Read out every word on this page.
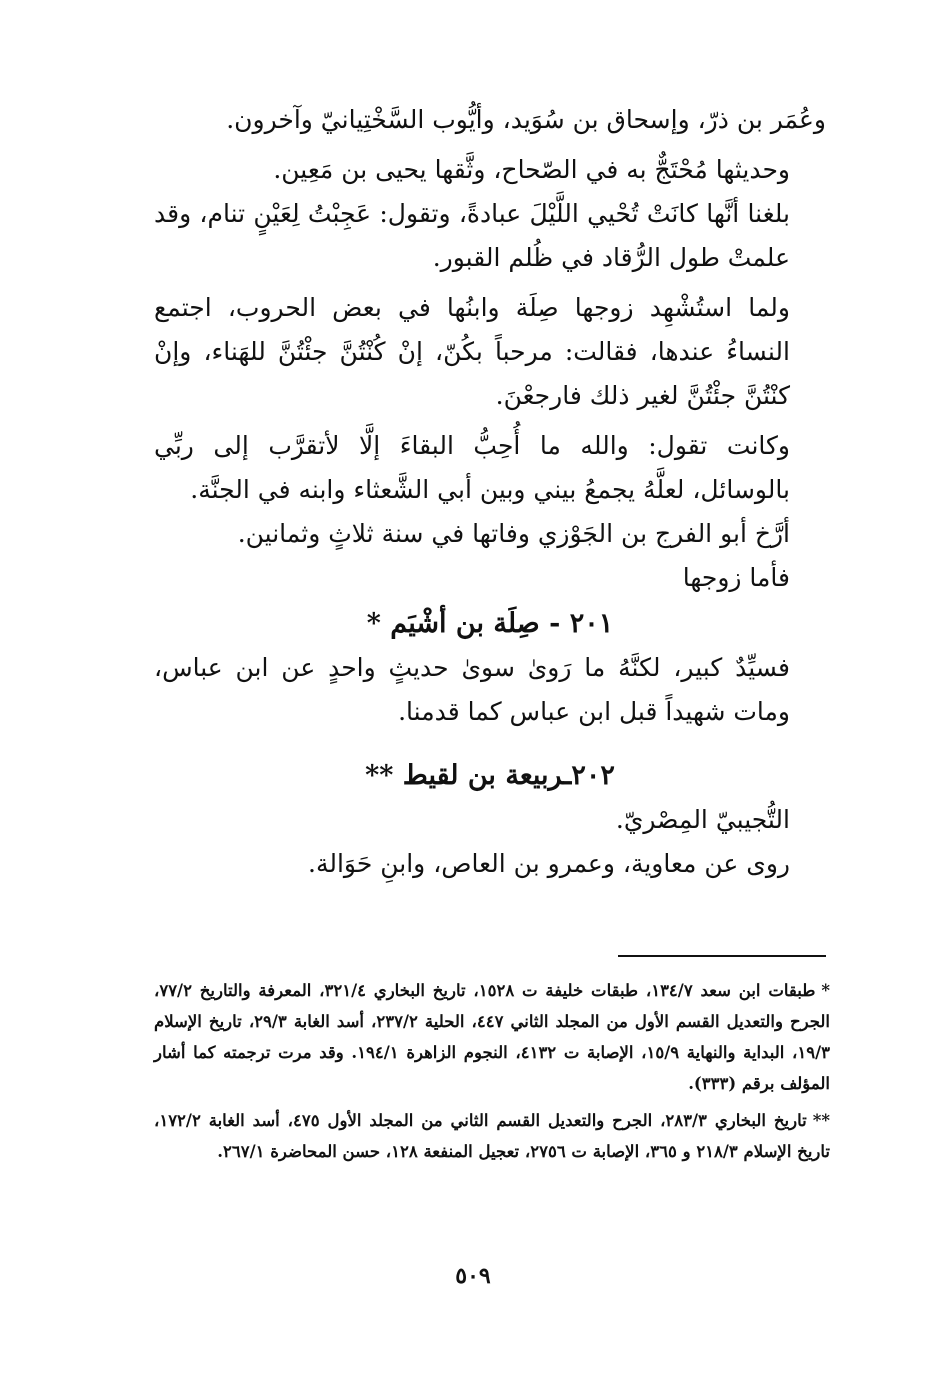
وعُمَر بن ذرّ، وإسحاق بن سُوَيد، وأيُّوب السَّخْتِيانيّ وآخرون.

وحديثها مُحْتَجٌّ به في الصّحاح، وثَّقها يحيى بن مَعِين.

بلغنا أنَّها كانَتْ تُحْيي اللَّيْلَ عبادةً، وتقول: عَجِبْتُ لِعَيْنٍ تنام، وقد علمتْ طول الرُّقاد في ظُلم القبور.

ولما استُشْهِد زوجها صِلَة وابنُها في بعض الحروب، اجتمع النساءُ عندها، فقالت: مرحباً بكُنّ، إنْ كُنْتُنَّ جئْتُنَّ للهَناء، وإنْ كنْتُنَّ جئْتُنَّ لغير ذلك فارجعْنَ.

وكانت تقول: والله ما أُحِبُّ البقاءَ إلَّا لأتقرَّب إلى ربِّي بالوسائل، لعلَّهُ يجمعُ بيني وبين أبي الشَّعثاء وابنه في الجنَّة.

أرَّخ أبو الفرج بن الجَوْزي وفاتها في سنة ثلاثٍ وثمانين.

فأما زوجها

٢٠١ - صِلَة بن أشْيَم *

فسيِّدٌ كبير، لكنَّهُ ما رَوىٰ سوىٰ حديثٍ واحدٍ عن ابن عباس، ومات شهيداً قبل ابن عباس كما قدمنا.

٢٠٢ـربيعة بن لقيط **

التُّجيبيّ المِصْريّ.

روى عن معاوية، وعمرو بن العاص، وابنِ حَوَالة.

*طبقات ابن سعد ١٣٤/٧، طبقات خليفة ت ١٥٢٨، تاريخ البخاري ٣٢١/٤، المعرفة والتاريخ ٧٧/٢، الجرح والتعديل القسم الأول من المجلد الثاني ٤٤٧، الحلية ٢٣٧/٢، أسد الغابة ٢٩/٣، تاريخ الإسلام ١٩/٣، البداية والنهاية ١٥/٩، الإصابة ت ٤١٣٢، النجوم الزاهرة ١٩٤/١. وقد مرت ترجمته كما أشار المؤلف برقم (٣٣٣).

**تاريخ البخاري ٢٨٣/٣، الجرح والتعديل القسم الثاني من المجلد الأول ٤٧٥، أسد الغابة ١٧٢/٢، تاريخ الإسلام ٢١٨/٣ و ٣٦٥، الإصابة ت ٢٧٥٦، تعجيل المنفعة ١٢٨، حسن المحاضرة ٢٦٧/١.

٥٠٩
